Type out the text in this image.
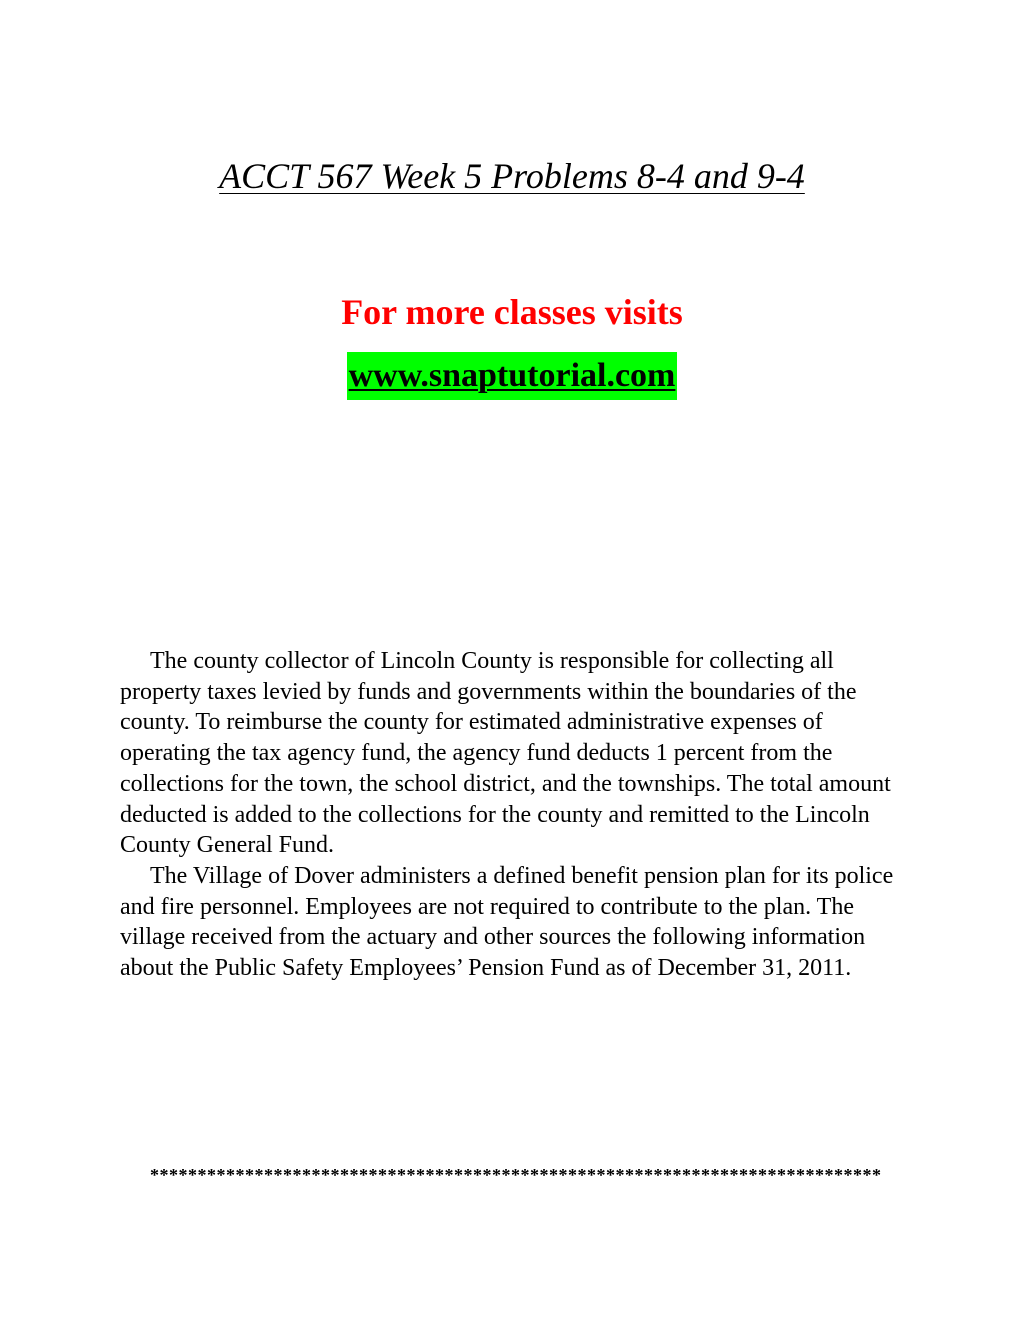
ACCT 567 Week 5 Problems 8-4 and 9-4
For more classes visits
www.snaptutorial.com

The county collector of Lincoln County is responsible for collecting all property taxes levied by funds and governments within the boundaries of the county. To reimburse the county for estimated administrative expenses of operating the tax agency fund, the agency fund deducts 1 percent from the collections for the town, the school district, and the townships. The total amount deducted is added to the collections for the county and remitted to the Lincoln County General Fund.

The Village of Dover administers a defined benefit pension plan for its police and fire personnel. Employees are not required to contribute to the plan. The village received from the actuary and other sources the following information about the Public Safety Employees’ Pension Fund as of December 31, 2011.

*****************************************************************************
